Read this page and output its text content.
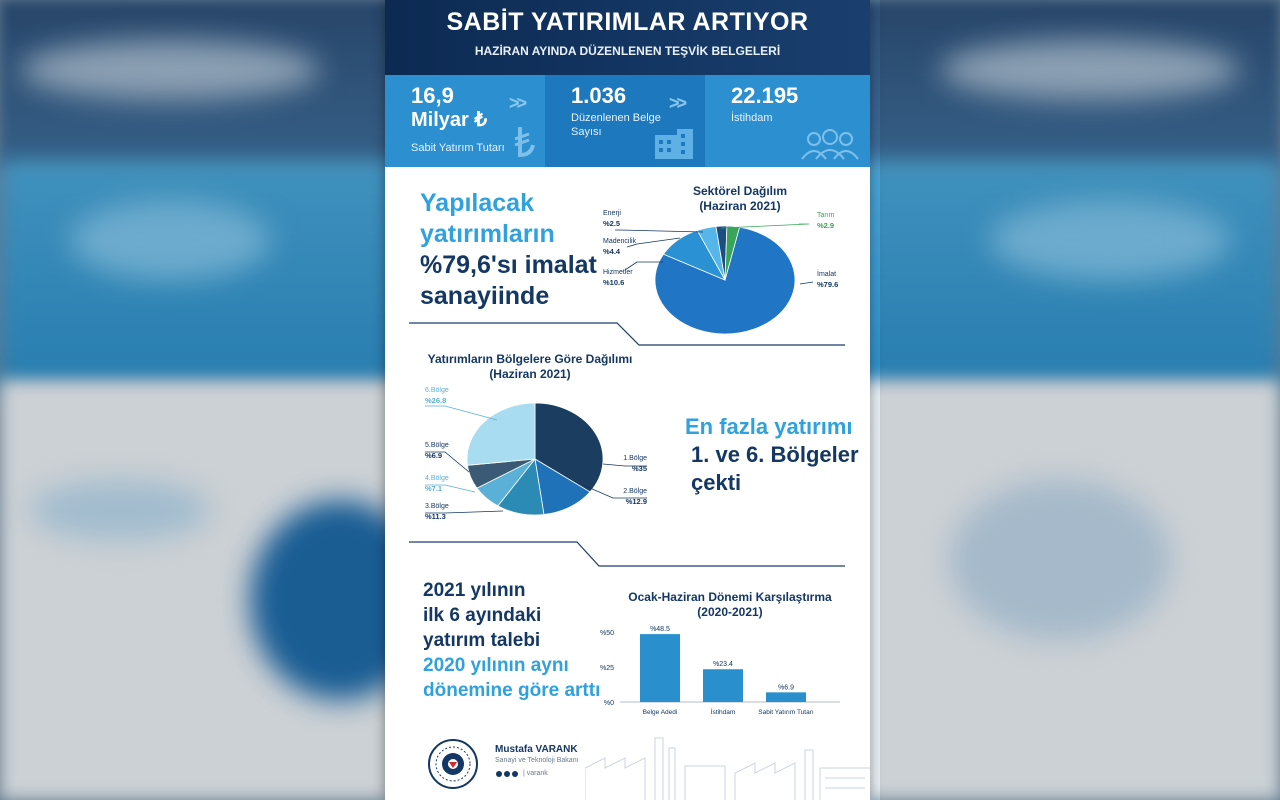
SABİT YATIRIMLAR ARTIYOR
HAZİRAN AYINDA DÜZENLENEN TEŞVİK BELGELERİ
16,9
Milyar ₺
Sabit Yatırım Tutarı
>> 1.036
Düzenlenen Belge
Sayısı
>> 22.195
İstihdam
Yapılacak
yatırımların
%79,6'sı imalat
sanayiinde
Sektörel Dağılım
(Haziran 2021)
Enerji
%2.5
Madencilik
%4.4
Hizmetler
%10.6
Tarım
%2.9
İmalat
%79.6
Yatırımların Bölgelere Göre Dağılımı
(Haziran 2021)
6.Bölge
%26.8
1.Bölge
%35
2.Bölge
%12.9
3.Bölge
%11.3
4.Bölge
%7.1
5.Bölge
%6.9
En fazla yatırımı
1. ve 6. Bölgeler
çekti
2021 yılının
ilk 6 ayındaki
yatırım talebi
2020 yılının aynı
dönemine göre arttı
Ocak-Haziran Dönemi Karşılaştırma
(2020-2021)
%50
%25
%0
%48.5
Belge Adedi
%23.4
İstihdam
%6.9
Sabit Yatırım Tutarı
Mustafa VARANK
Sanayi ve Teknoloji Bakanı
| varank
